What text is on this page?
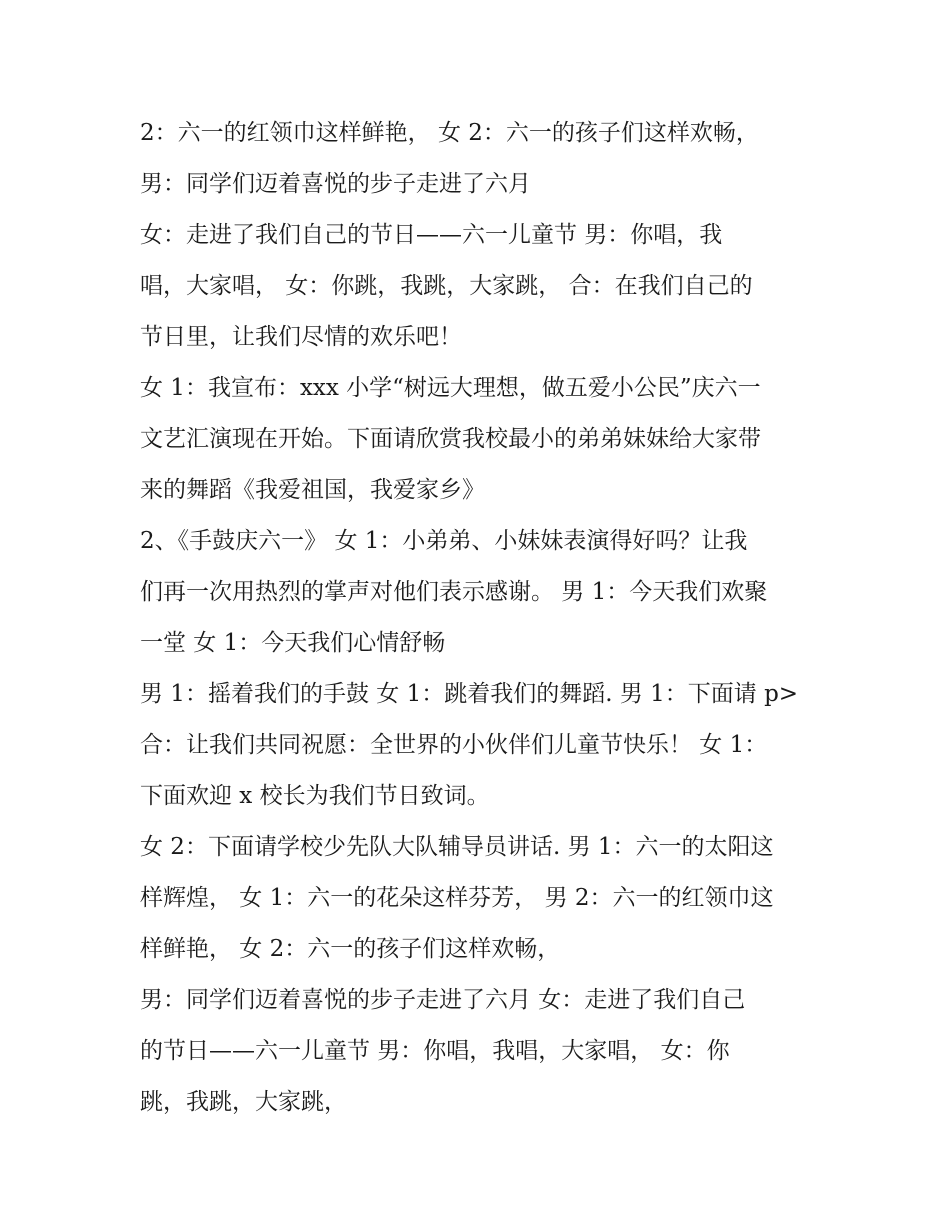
2：六一的红领巾这样鲜艳， 女 2：六一的孩子们这样欢畅，
男：同学们迈着喜悦的步子走进了六月
女：走进了我们自己的节日——六一儿童节 男：你唱，我
唱，大家唱， 女：你跳，我跳，大家跳， 合：在我们自己的
节日里，让我们尽情的欢乐吧！
女 1：我宣布：xxx 小学“树远大理想，做五爱小公民”庆六一
文艺汇演现在开始。下面请欣赏我校最小的弟弟妹妹给大家带
来的舞蹈《我爱祖国，我爱家乡》
2、《手鼓庆六一》 女 1：小弟弟、小妹妹表演得好吗？让我
们再一次用热烈的掌声对他们表示感谢。 男 1：今天我们欢聚
一堂 女 1：今天我们心情舒畅
男 1：摇着我们的手鼓 女 1：跳着我们的舞蹈. 男 1：下面请 p>
合：让我们共同祝愿：全世界的小伙伴们儿童节快乐！ 女 1：
下面欢迎 x 校长为我们节日致词。
女 2：下面请学校少先队大队辅导员讲话. 男 1：六一的太阳这
样辉煌， 女 1：六一的花朵这样芬芳， 男 2：六一的红领巾这
样鲜艳， 女 2：六一的孩子们这样欢畅，
男：同学们迈着喜悦的步子走进了六月 女：走进了我们自己
的节日——六一儿童节 男：你唱，我唱，大家唱， 女：你
跳，我跳，大家跳，
